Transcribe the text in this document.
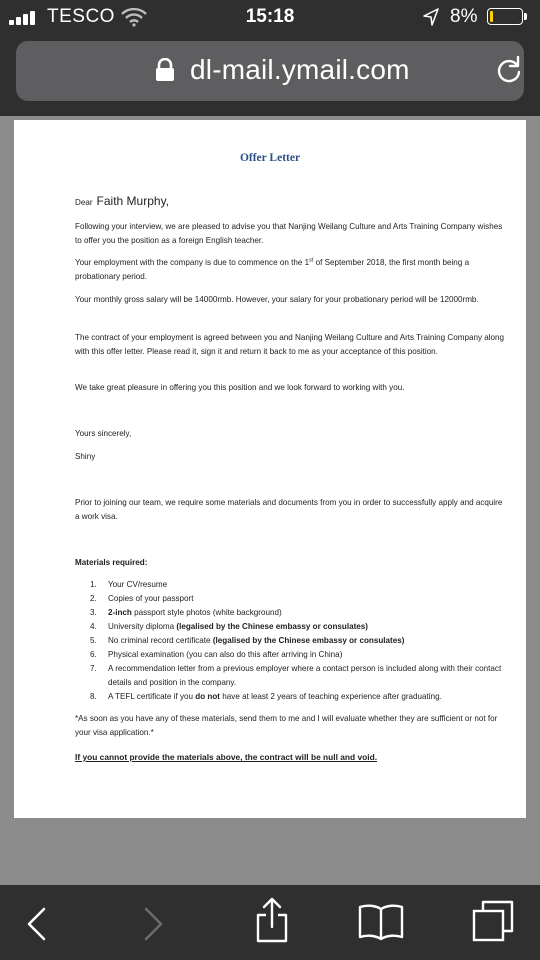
TESCO	15:18	8%
dl-mail.ymail.com
Offer Letter
Dear Faith Murphy,
Following your interview, we are pleased to advise you that Nanjing Weilang Culture and Arts Training Company wishes to offer you the position as a foreign English teacher.
Your employment with the company is due to commence on the 1st of September 2018, the first month being a probationary period.
Your monthly gross salary will be 14000rmb. However, your salary for your probationary period will be 12000rmb.
The contract of your employment is agreed between you and Nanjing Weilang Culture and Arts Training Company along with this offer letter. Please read it, sign it and return it back to me as your acceptance of this position.
We take great pleasure in offering you this position and we look forward to working with you.
Yours sincerely,
Shiny
Prior to joining our team, we require some materials and documents from you in order to successfully apply and acquire a work visa.
Materials required:
1.	Your CV/resume
2.	Copies of your passport
3.	2-inch passport style photos (white background)
4.	University diploma (legalised by the Chinese embassy or consulates)
5.	No criminal record certificate (legalised by the Chinese embassy or consulates)
6.	Physical examination (you can also do this after arriving in China)
7.	A recommendation letter from a previous employer where a contact person is included along with their contact details and position in the company.
8.	A TEFL certificate if you do not have at least 2 years of teaching experience after graduating.
*As soon as you have any of these materials, send them to me and I will evaluate whether they are sufficient or not for your visa application.*
If you cannot provide the materials above, the contract will be null and void.
